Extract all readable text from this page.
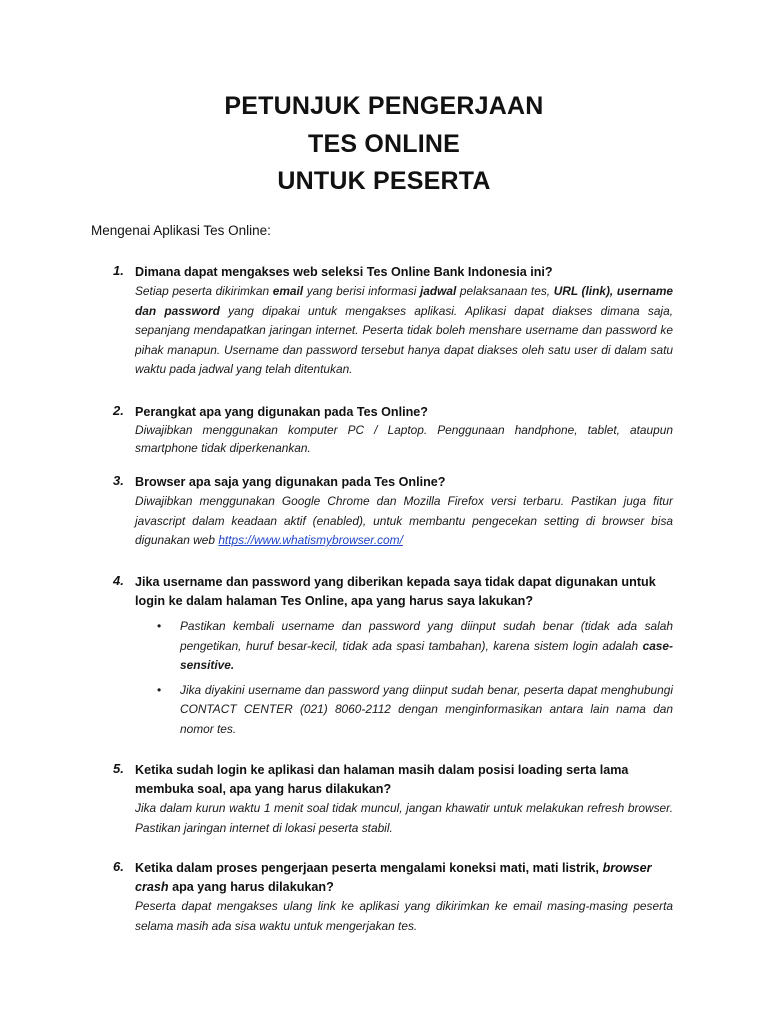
PETUNJUK PENGERJAAN
TES ONLINE
UNTUK PESERTA
Mengenai Aplikasi Tes Online:
1. Dimana dapat mengakses web seleksi Tes Online Bank Indonesia ini?
Setiap peserta dikirimkan email yang berisi informasi jadwal pelaksanaan tes, URL (link), username dan password yang dipakai untuk mengakses aplikasi. Aplikasi dapat diakses dimana saja, sepanjang mendapatkan jaringan internet. Peserta tidak boleh menshare username dan password ke pihak manapun. Username dan password tersebut hanya dapat diakses oleh satu user di dalam satu waktu pada jadwal yang telah ditentukan.
2. Perangkat apa yang digunakan pada Tes Online?
Diwajibkan menggunakan komputer PC / Laptop. Penggunaan handphone, tablet, ataupun smartphone tidak diperkenankan.
3. Browser apa saja yang digunakan pada Tes Online?
Diwajibkan menggunakan Google Chrome dan Mozilla Firefox versi terbaru. Pastikan juga fitur javascript dalam keadaan aktif (enabled), untuk membantu pengecekan setting di browser bisa digunakan web https://www.whatismybrowser.com/
4. Jika username dan password yang diberikan kepada saya tidak dapat digunakan untuk login ke dalam halaman Tes Online, apa yang harus saya lakukan?
• Pastikan kembali username dan password yang diinput sudah benar (tidak ada salah pengetikan, huruf besar-kecil, tidak ada spasi tambahan), karena sistem login adalah case-sensitive.
• Jika diyakini username dan password yang diinput sudah benar, peserta dapat menghubungi CONTACT CENTER (021) 8060-2112 dengan menginformasikan antara lain nama dan nomor tes.
5. Ketika sudah login ke aplikasi dan halaman masih dalam posisi loading serta lama membuka soal, apa yang harus dilakukan?
Jika dalam kurun waktu 1 menit soal tidak muncul, jangan khawatir untuk melakukan refresh browser. Pastikan jaringan internet di lokasi peserta stabil.
6. Ketika dalam proses pengerjaan peserta mengalami koneksi mati, mati listrik, browser crash apa yang harus dilakukan?
Peserta dapat mengakses ulang link ke aplikasi yang dikirimkan ke email masing-masing peserta selama masih ada sisa waktu untuk mengerjakan tes.
